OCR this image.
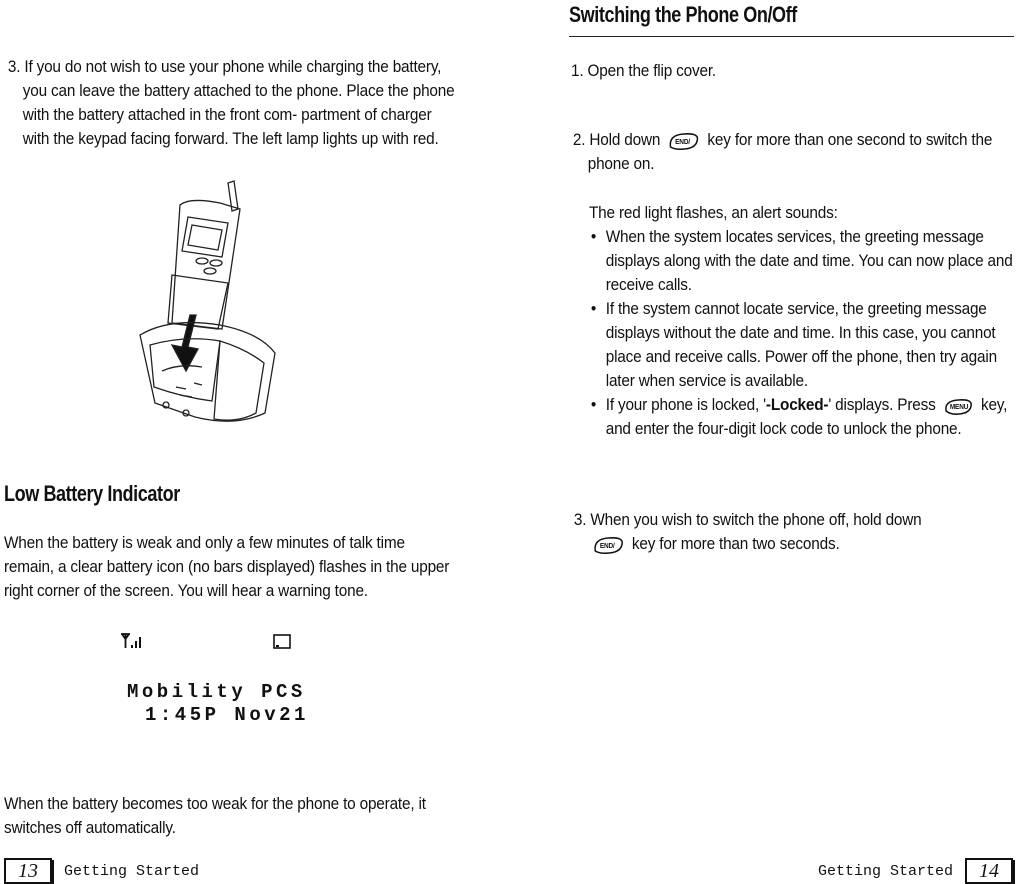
3. If you do not wish to use your phone while charging the battery, you can leave the battery attached to the phone. Place the phone with the battery attached in the front com- partment of charger with the keypad facing forward. The left lamp lights up with red.

Low Battery Indicator

When the battery is weak and only a few minutes of talk time remain, a clear battery icon (no bars displayed) flashes in the upper right corner of the screen. You will hear a warning tone.

Mobility PCS
1:45P Nov21

When the battery becomes too weak for the phone to operate, it switches off automatically.

13	Getting Started
Switching the Phone On/Off

1. Open the flip cover.

2. Hold down END/ key for more than one second to switch the phone on.

The red light flashes, an alert sounds:

• When the system locates services, the greeting message displays along with the date and time. You can now place and receive calls.
• If the system cannot locate service, the greeting message displays without the date and time. In this case, you cannot place and receive calls. Power off the phone, then try again later when service is available.
• If your phone is locked, '-Locked-' displays. Press MENU key, and enter the four-digit lock code to unlock the phone.

3. When you wish to switch the phone off, hold down

END/ key for more than two seconds.

Getting Started	14
